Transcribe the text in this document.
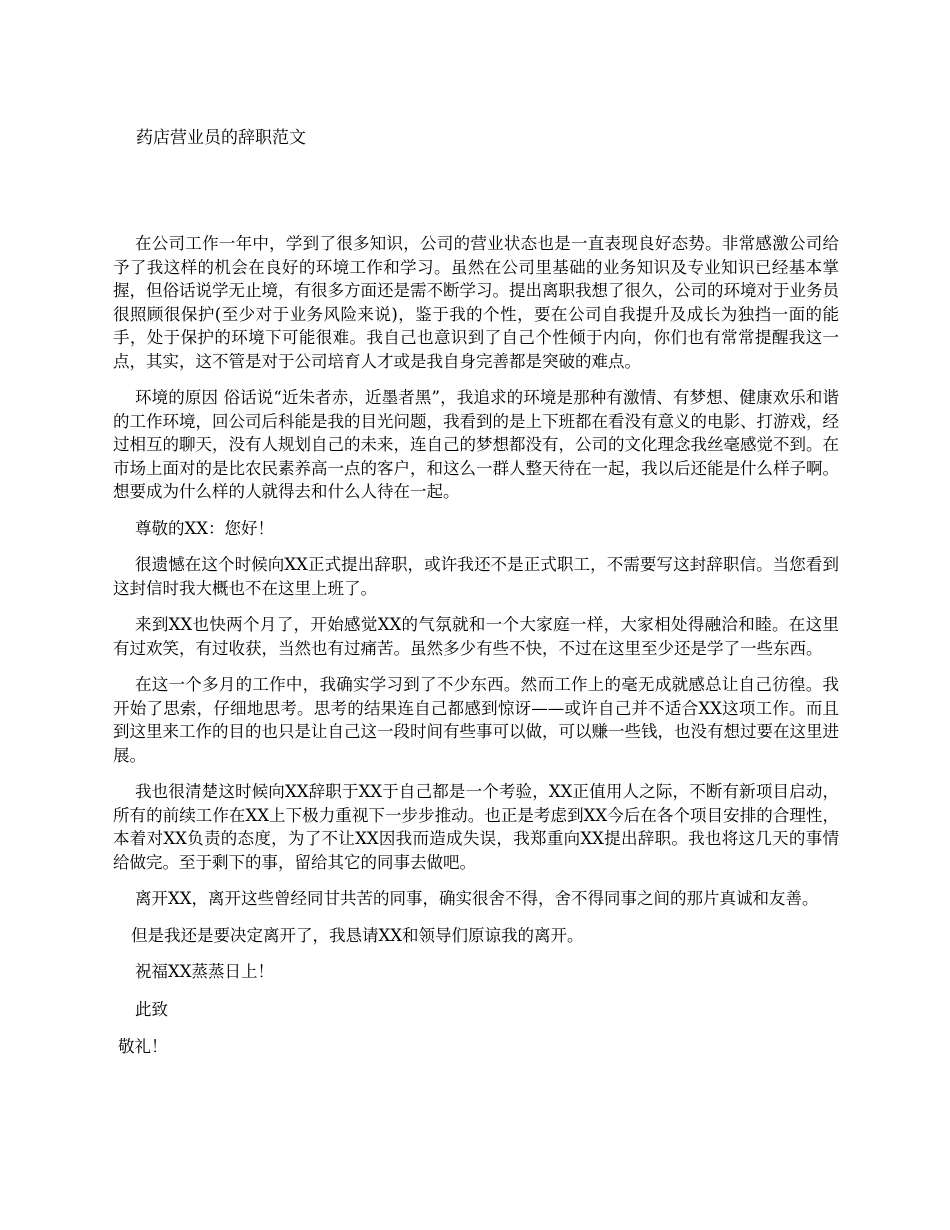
药店营业员的辞职范文

在公司工作一年中，学到了很多知识，公司的营业状态也是一直表现良好态势。非常感激公司给予了我这样的机会在良好的环境工作和学习。虽然在公司里基础的业务知识及专业知识已经基本掌握，但俗话说学无止境，有很多方面还是需不断学习。提出离职我想了很久，公司的环境对于业务员很照顾很保护(至少对于业务风险来说)，鉴于我的个性，要在公司自我提升及成长为独挡一面的能手，处于保护的环境下可能很难。我自己也意识到了自己个性倾于内向，你们也有常常提醒我这一点，其实，这不管是对于公司培育人才或是我自身完善都是突破的难点。

环境的原因 俗话说“近朱者赤，近墨者黑”，我追求的环境是那种有激情、有梦想、健康欢乐和谐的工作环境，回公司后科能是我的目光问题，我看到的是上下班都在看没有意义的电影、打游戏，经过相互的聊天，没有人规划自己的未来，连自己的梦想都没有，公司的文化理念我丝毫感觉不到。在市场上面对的是比农民素养高一点的客户，和这么一群人整天待在一起，我以后还能是什么样子啊。想要成为什么样的人就得去和什么人待在一起。

尊敬的XX：您好！

很遗憾在这个时候向XX正式提出辞职，或许我还不是正式职工，不需要写这封辞职信。当您看到这封信时我大概也不在这里上班了。

来到XX也快两个月了，开始感觉XX的气氛就和一个大家庭一样，大家相处得融洽和睦。在这里有过欢笑，有过收获，当然也有过痛苦。虽然多少有些不快，不过在这里至少还是学了一些东西。

在这一个多月的工作中，我确实学习到了不少东西。然而工作上的毫无成就感总让自己彷徨。我开始了思索，仔细地思考。思考的结果连自己都感到惊讶——或许自己并不适合XX这项工作。而且到这里来工作的目的也只是让自己这一段时间有些事可以做，可以赚一些钱，也没有想过要在这里进展。

我也很清楚这时候向XX辞职于XX于自己都是一个考验，XX正值用人之际，不断有新项目启动，所有的前续工作在XX上下极力重视下一步步推动。也正是考虑到XX今后在各个项目安排的合理性，本着对XX负责的态度，为了不让XX因我而造成失误，我郑重向XX提出辞职。我也将这几天的事情给做完。至于剩下的事，留给其它的同事去做吧。

离开XX，离开这些曾经同甘共苦的同事，确实很舍不得，舍不得同事之间的那片真诚和友善。

但是我还是要决定离开了，我恳请XX和领导们原谅我的离开。

祝福XX蒸蒸日上！

此致

敬礼！
